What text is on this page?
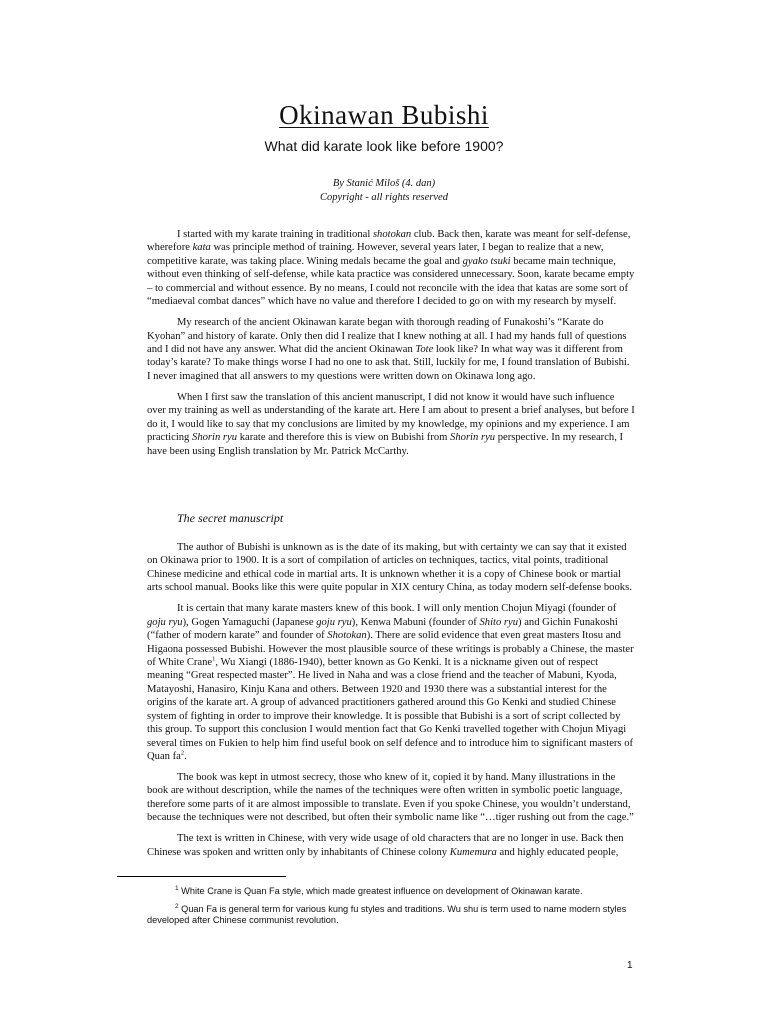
Okinawan Bubishi
What did karate look like before 1900?
By Stanić Miloš (4. dan)
Copyright - all rights reserved

I started with my karate training in traditional shotokan club. Back then, karate was meant for self-defense, wherefore kata was principle method of training. However, several years later, I began to realize that a new, competitive karate, was taking place. Wining medals became the goal and gyako tsuki became main technique, without even thinking of self-defense, while kata practice was considered unnecessary. Soon, karate became empty – to commercial and without essence. By no means, I could not reconcile with the idea that katas are some sort of “mediaeval combat dances” which have no value and therefore I decided to go on with my research by myself.

My research of the ancient Okinawan karate began with thorough reading of Funakoshi’s “Karate do Kyohan” and history of karate. Only then did I realize that I knew nothing at all. I had my hands full of questions and I did not have any answer. What did the ancient Okinawan Tote look like? In what way was it different from today’s karate? To make things worse I had no one to ask that. Still, luckily for me, I found translation of Bubishi. I never imagined that all answers to my questions were written down on Okinawa long ago.

When I first saw the translation of this ancient manuscript, I did not know it would have such influence over my training as well as understanding of the karate art. Here I am about to present a brief analyses, but before I do it, I would like to say that my conclusions are limited by my knowledge, my opinions and my experience. I am practicing Shorin ryu karate and therefore this is view on Bubishi from Shorin ryu perspective. In my research, I have been using English translation by Mr. Patrick McCarthy.

The secret manuscript

The author of Bubishi is unknown as is the date of its making, but with certainty we can say that it existed on Okinawa prior to 1900. It is a sort of compilation of articles on techniques, tactics, vital points, traditional Chinese medicine and ethical code in martial arts. It is unknown whether it is a copy of Chinese book or martial arts school manual. Books like this were quite popular in XIX century China, as today modern self-defense books.

It is certain that many karate masters knew of this book. I will only mention Chojun Miyagi (founder of goju ryu), Gogen Yamaguchi (Japanese goju ryu), Kenwa Mabuni (founder of Shito ryu) and Gichin Funakoshi (“father of modern karate” and founder of Shotokan). There are solid evidence that even great masters Itosu and Higaona possessed Bubishi. However the most plausible source of these writings is probably a Chinese, the master of White Crane$^1$, Wu Xiangi (1886-1940), better known as Go Kenki. It is a nickname given out of respect meaning “Great respected master”. He lived in Naha and was a close friend and the teacher of Mabuni, Kyoda, Matayoshi, Hanasiro, Kinju Kana and others. Between 1920 and 1930 there was a substantial interest for the origins of the karate art. A group of advanced practitioners gathered around this Go Kenki and studied Chinese system of fighting in order to improve their knowledge. It is possible that Bubishi is a sort of script collected by this group. To support this conclusion I would mention fact that Go Kenki travelled together with Chojun Miyagi several times on Fukien to help him find useful book on self defence and to introduce him to significant masters of Quan $fa^2$.

The book was kept in utmost secrecy, those who knew of it, copied it by hand. Many illustrations in the book are without description, while the names of the techniques were often written in symbolic poetic language, therefore some parts of it are almost impossible to translate. Even if you spoke Chinese, you wouldn’t understand, because the techniques were not described, but often their symbolic name like “…tiger rushing out from the cage.”

The text is written in Chinese, with very wide usage of old characters that are no longer in use. Back then Chinese was spoken and written only by inhabitants of Chinese colony Kumemura and highly educated people,

$^1$ White Crane is Quan Fa style, which made greatest influence on development of Okinawan karate.
$^2$ Quan Fa is general term for various kung fu styles and traditions. Wu shu is term used to name modern styles developed after Chinese communist revolution.
1
